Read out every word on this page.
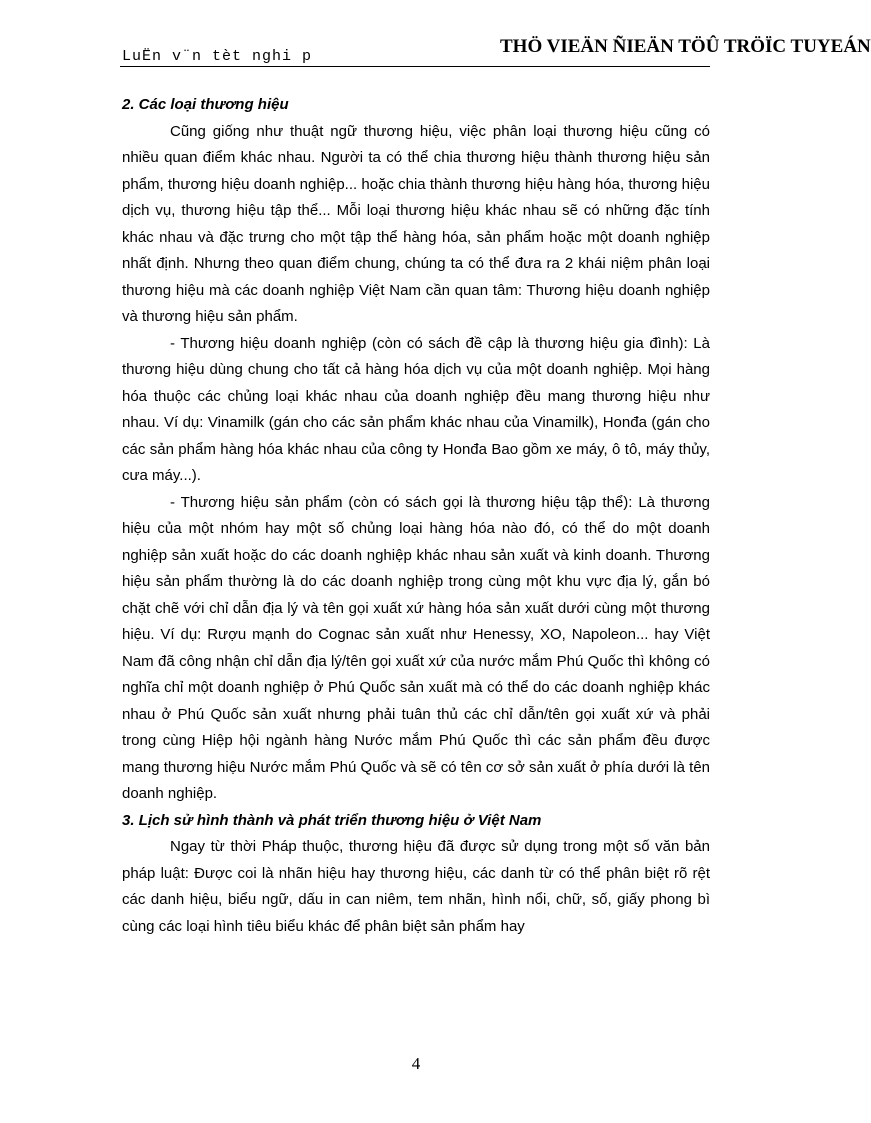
LuËn v¨n tèt nghi p	THÖ VIEÄN ÑIEÄN TÖÛ TRÖÏC TUYEÁN

2. Các loại thương hiệu

Cũng giống như thuật ngữ thương hiệu, việc phân loại thương hiệu cũng có nhiều quan điểm khác nhau. Người ta có thể chia thương hiệu thành thương hiệu sản phẩm, thương hiệu doanh nghiệp... hoặc chia thành thương hiệu hàng hóa, thương hiệu dịch vụ, thương hiệu tập thể... Mỗi loại thương hiệu khác nhau sẽ có những đặc tính khác nhau và đặc trưng cho một tập thể hàng hóa, sản phẩm hoặc một doanh nghiệp nhất định. Nhưng theo quan điểm chung, chúng ta có thể đưa ra 2 khái niệm phân loại thương hiệu mà các doanh nghiệp Việt Nam cần quan tâm: Thương hiệu doanh nghiệp và thương hiệu sản phẩm.

- Thương hiệu doanh nghiệp (còn có sách đề cập là thương hiệu gia đình): Là thương hiệu dùng chung cho tất cả hàng hóa dịch vụ của một doanh nghiệp. Mọi hàng hóa thuộc các chủng loại khác nhau của doanh nghiệp đều mang thương hiệu như nhau. Ví dụ: Vinamilk (gán cho các sản phẩm khác nhau của Vinamilk), Honđa (gán cho các sản phẩm hàng hóa khác nhau của công ty Honđa Bao gồm xe máy, ô tô, máy thủy, cưa máy...).

- Thương hiệu sản phẩm (còn có sách gọi là thương hiệu tập thể): Là thương hiệu của một nhóm hay một số chủng loại hàng hóa nào đó, có thể do một doanh nghiệp sản xuất hoặc do các doanh nghiệp khác nhau sản xuất và kinh doanh. Thương hiệu sản phẩm thường là do các doanh nghiệp trong cùng một khu vực địa lý, gắn bó chặt chẽ với chỉ dẫn địa lý và tên gọi xuất xứ hàng hóa sản xuất dưới cùng một thương hiệu. Ví dụ: Rượu mạnh do Cognac sản xuất như Henessy, XO, Napoleon... hay Việt Nam đã công nhận chỉ dẫn địa lý/tên gọi xuất xứ của nước mắm Phú Quốc thì không có nghĩa chỉ một doanh nghiệp ở Phú Quốc sản xuất mà có thể do các doanh nghiệp khác nhau ở Phú Quốc sản xuất nhưng phải tuân thủ các chỉ dẫn/tên gọi xuất xứ và phải trong cùng Hiệp hội ngành hàng Nước mắm Phú Quốc thì các sản phẩm đều được mang thương hiệu Nước mắm Phú Quốc và sẽ có tên cơ sở sản xuất ở phía dưới là tên doanh nghiệp.

3. Lịch sử hình thành và phát triển thương hiệu ở Việt Nam

Ngay từ thời Pháp thuộc, thương hiệu đã được sử dụng trong một số văn bản pháp luật: Được coi là nhãn hiệu hay thương hiệu, các danh từ có thể phân biệt rõ rệt các danh hiệu, biểu ngữ, dấu in can niêm, tem nhãn, hình nổi, chữ, số, giấy phong bì cùng các loại hình tiêu biểu khác để phân biệt sản phẩm hay

4
